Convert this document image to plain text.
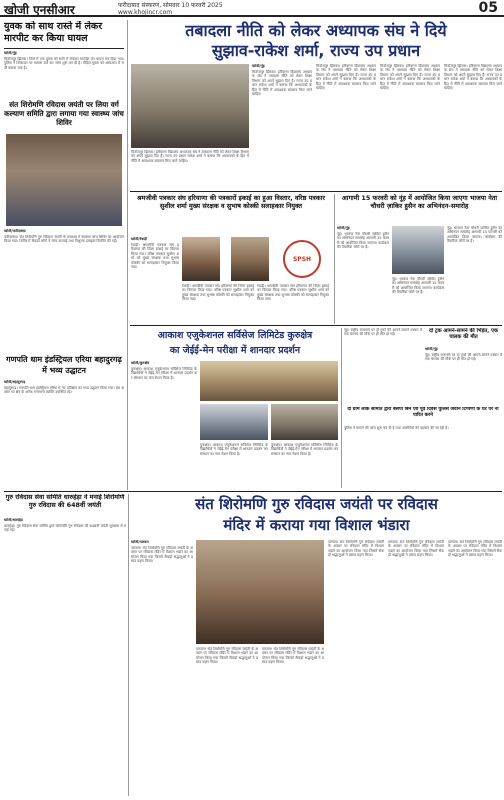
खोजी एनसीआर	फरीदाबाद संस्करण, सोमवार 10 फरवरी 2025
www.khojincr.com	05
युवक को साथ रास्ते में लेकर मारपीट कर किया घायल
खोजी/नूंह
फिरोजपुर झिरका। जिले में एक युवक को रास्ते में रोककर मारपीट कर घायल कर दिया गया। पुलिस ने शिकायत पर मामला दर्ज कर जांच शुरू कर दी है। पीड़ित युवक को अस्पताल में भर्ती कराया गया है।
संत शिरोमणि रविदास जयंती पर लिया वर्ग कल्याण समिति द्वारा लगाया गया स्वास्थ्य जांच शिविर
खोजी/फरीदाबाद
फरीदाबाद। संत शिरोमणि गुरु रविदास जयंती के उपलक्ष्य में स्वास्थ्य जांच शिविर का आयोजन किया गया। शिविर में सैकड़ों लोगों ने जांच करवाई तथा निशुल्क दवाइयां वितरित की गईं।
गणपति धाम इंडस्ट्रियल एरिया बहादुरगढ़ में भव्य उद्घाटन
खोजी/बहादुरगढ़
बहादुरगढ़। गणपति धाम इंडस्ट्रियल एरिया में नए प्रतिष्ठान का भव्य उद्घाटन किया गया। इस अवसर पर क्षेत्र के अनेक गणमान्य व्यक्ति उपस्थित रहे।
तबादला नीति को लेकर अध्यापक संघ ने दिये
सुझाव-राकेश शर्मा, राज्य उप प्रधान
खोजी/नूंह
फिरोजपुर झिरका। हरियाणा विद्यालय अध्यापक संघ ने तबादला नीति को लेकर शिक्षा विभाग को अपने सुझाव दिए हैं। राज्य उप प्रधान राकेश शर्मा ने बताया कि अध्यापकों के हित में नीति में आवश्यक बदलाव किए जाने चाहिए।
फिरोजपुर झिरका। हरियाणा विद्यालय अध्यापक संघ ने तबादला नीति को लेकर शिक्षा विभाग को अपने सुझाव दिए हैं। राज्य उप प्रधान राकेश शर्मा ने बताया कि अध्यापकों के हित में नीति में आवश्यक बदलाव किए जाने चाहिए।
फिरोजपुर झिरका। हरियाणा विद्यालय अध्यापक संघ ने तबादला नीति को लेकर शिक्षा विभाग को अपने सुझाव दिए हैं। राज्य उप प्रधान राकेश शर्मा ने बताया कि अध्यापकों के हित में नीति में आवश्यक बदलाव किए जाने चाहिए।
फिरोजपुर झिरका। हरियाणा विद्यालय अध्यापक संघ ने तबादला नीति को लेकर शिक्षा विभाग को अपने सुझाव दिए हैं। राज्य उप प्रधान राकेश शर्मा ने बताया कि अध्यापकों के हित में नीति में आवश्यक बदलाव किए जाने चाहिए।
फिरोजपुर झिरका। हरियाणा विद्यालय अध्यापक संघ ने तबादला नीति को लेकर शिक्षा विभाग को अपने सुझाव दिए हैं। राज्य उप प्रधान राकेश शर्मा ने बताया कि अध्यापकों के हित में नीति में आवश्यक बदलाव किए जाने चाहिए।
श्रमजीवी पत्रकार संघ हरियाणा की पत्रकारों इकाई का हुआ विस्तार, वरिष्ठ पत्रकार सुशील शर्मा मुख्य संरक्षक व सुभाष कोस्की सलाहकार नियुक्त
खोजी/रेवाड़ी
रेवाड़ी। श्रमजीवी पत्रकार संघ हरियाणा की जिला इकाई का विस्तार किया गया। वरिष्ठ पत्रकार सुशील शर्मा को मुख्य संरक्षक तथा सुभाष कोस्की को सलाहकार नियुक्त किया गया।
SPSH
रेवाड़ी। श्रमजीवी पत्रकार संघ हरियाणा की जिला इकाई का विस्तार किया गया। वरिष्ठ पत्रकार सुशील शर्मा को मुख्य संरक्षक तथा सुभाष कोस्की को सलाहकार नियुक्त किया गया।
रेवाड़ी। श्रमजीवी पत्रकार संघ हरियाणा की जिला इकाई का विस्तार किया गया। वरिष्ठ पत्रकार सुशील शर्मा को मुख्य संरक्षक तथा सुभाष कोस्की को सलाहकार नियुक्त किया गया।
आगामी 15 फरवरी को नूंह में आयोजित किया जाएगा भाजपा नेता चौधरी ज़ाकिर हुसैन का अभिनंदन-समारोह
खोजी/नूंह
नूंह। भाजपा नेता चौधरी ज़ाकिर हुसैन का अभिनंदन समारोह आगामी 15 फरवरी को आयोजित किया जाएगा। कार्यक्रम की तैयारियां जोरों पर हैं।
नूंह। भाजपा नेता चौधरी ज़ाकिर हुसैन का अभिनंदन समारोह आगामी 15 फरवरी को आयोजित किया जाएगा। कार्यक्रम की तैयारियां जोरों पर हैं।
नूंह। भाजपा नेता चौधरी ज़ाकिर हुसैन का अभिनंदन समारोह आगामी 15 फरवरी को आयोजित किया जाएगा। कार्यक्रम की तैयारियां जोरों पर हैं।
आकाश एजुकेशनल सर्विसेज लिमिटेड कुरुक्षेत्र
का जेईई-मेन परीक्षा में शानदार प्रदर्शन
खोजी/कुरुक्षेत्र
कुरुक्षेत्र। आकाश एजुकेशनल सर्विसेज लिमिटेड के विद्यार्थियों ने जेईई-मेन परीक्षा में शानदार प्रदर्शन कर संस्थान का नाम रोशन किया है।
कुरुक्षेत्र। आकाश एजुकेशनल सर्विसेज लिमिटेड के विद्यार्थियों ने जेईई-मेन परीक्षा में शानदार प्रदर्शन कर संस्थान का नाम रोशन किया है।
कुरुक्षेत्र। आकाश एजुकेशनल सर्विसेज लिमिटेड के विद्यार्थियों ने जेईई-मेन परीक्षा में शानदार प्रदर्शन कर संस्थान का नाम रोशन किया है।
नूंह। राष्ट्रीय राजमार्ग पर दो ट्रकों की आमने-सामने टक्कर में एक चालक की मौके पर ही मौत हो गई।
दो ट्रक आमने-सामने की भिड़ंत, एक चालक की मौत
खोजी/नूंह
नूंह। राष्ट्रीय राजमार्ग पर दो ट्रकों की आमने-सामने टक्कर में एक चालक की मौके पर ही मौत हो गई।
दी ग्राम लोक समिति द्वारा बसपा बिन एवं पूर्व दिवस पुलिस जवान टिप्पणी के घर पर नौ पारित करने
पुलिस ने मामले की जांच शुरू कर दी है तथा आरोपियों की पहचान की जा रही है।
गुरु रविदास सेवा समिति धारुहेड़ा ने मनाई शिरोमणि गुरु रविदास की 648वीं जयंती
खोजी/धारुहेड़ा
धारुहेड़ा। गुरु रविदास सेवा समिति द्वारा शिरोमणि गुरु रविदास की 648वीं जयंती धूमधाम से मनाई गई।
संत शिरोमणि गुरु रविदास जयंती पर रविदास
मंदिर में कराया गया विशाल भंडारा
खोजी/पलवल
पलवल। संत शिरोमणि गुरु रविदास जयंती के अवसर पर रविदास मंदिर में विशाल भंडारे का आयोजन किया गया जिसमें सैकड़ों श्रद्धालुओं ने प्रसाद ग्रहण किया।
पलवल। संत शिरोमणि गुरु रविदास जयंती के अवसर पर रविदास मंदिर में विशाल भंडारे का आयोजन किया गया जिसमें सैकड़ों श्रद्धालुओं ने प्रसाद ग्रहण किया।
पलवल। संत शिरोमणि गुरु रविदास जयंती के अवसर पर रविदास मंदिर में विशाल भंडारे का आयोजन किया गया जिसमें सैकड़ों श्रद्धालुओं ने प्रसाद ग्रहण किया।
पलवल। संत शिरोमणि गुरु रविदास जयंती के अवसर पर रविदास मंदिर में विशाल भंडारे का आयोजन किया गया जिसमें सैकड़ों श्रद्धालुओं ने प्रसाद ग्रहण किया।
पलवल। संत शिरोमणि गुरु रविदास जयंती के अवसर पर रविदास मंदिर में विशाल भंडारे का आयोजन किया गया जिसमें सैकड़ों श्रद्धालुओं ने प्रसाद ग्रहण किया।
पलवल। संत शिरोमणि गुरु रविदास जयंती के अवसर पर रविदास मंदिर में विशाल भंडारे का आयोजन किया गया जिसमें सैकड़ों श्रद्धालुओं ने प्रसाद ग्रहण किया।
